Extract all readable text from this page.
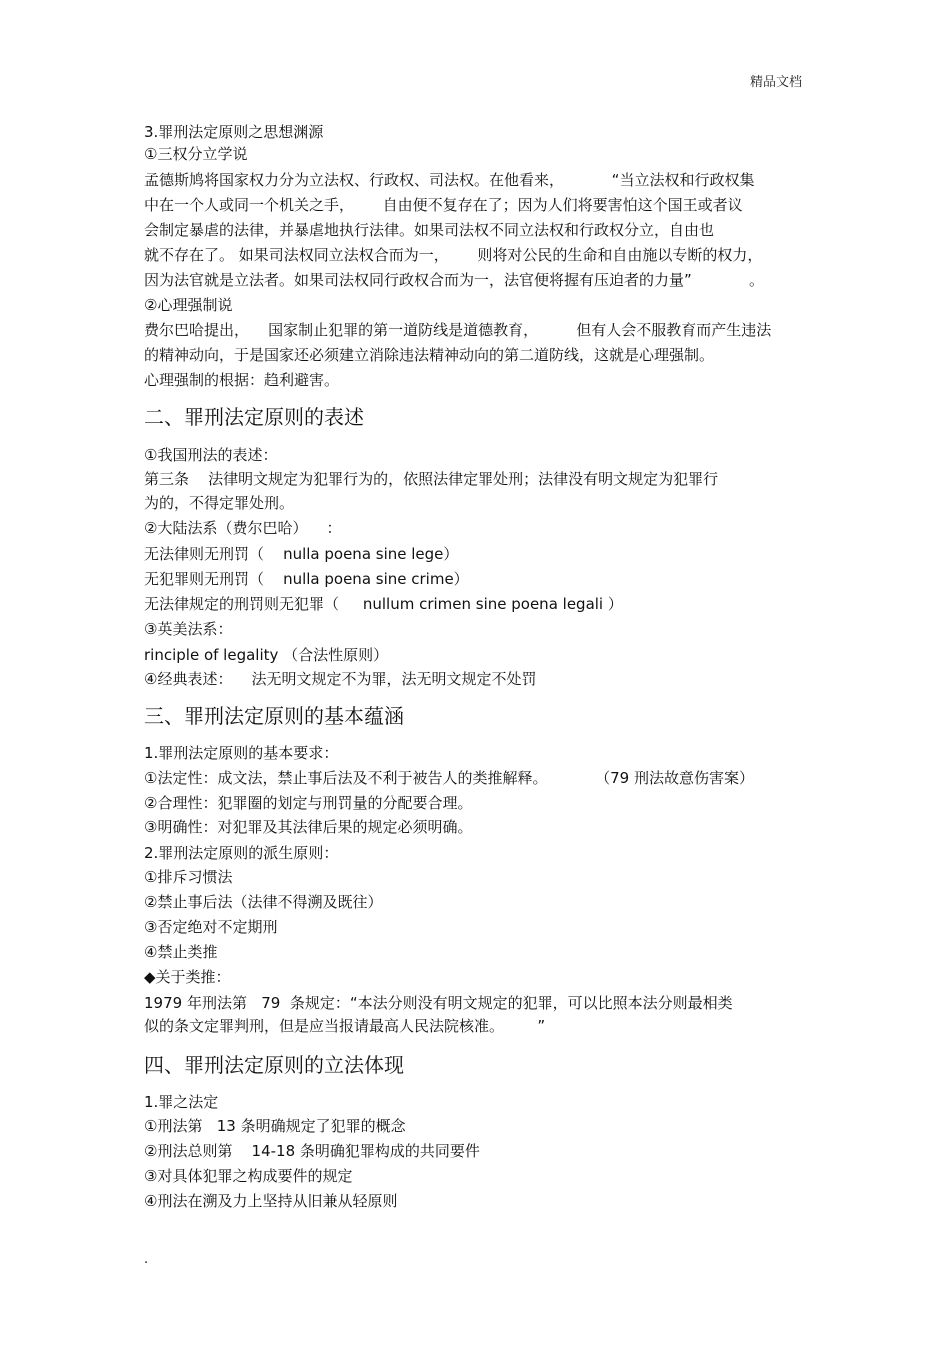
精品文档
3.罪刑法定原则之思想渊源
①三权分立学说
孟德斯鸠将国家权力分为立法权、行政权、司法权。在他看来，          “当立法权和行政权集
中在一个人或同一个机关之手，      自由便不复存在了；因为人们将要害怕这个国王或者议
会制定暴虐的法律，并暴虐地执行法律。如果司法权不同立法权和行政权分立，自由也
就不存在了。 如果司法权同立法权合而为一，      则将对公民的生命和自由施以专断的权力，
因为法官就是立法者。如果司法权同行政权合而为一，法官便将握有压迫者的力量”            。
②心理强制说
费尔巴哈提出，    国家制止犯罪的第一道防线是道德教育，        但有人会不服教育而产生违法
的精神动向，于是国家还必须建立消除违法精神动向的第二道防线，这就是心理强制。
心理强制的根据：趋利避害。
二、罪刑法定原则的表述
①我国刑法的表述：
第三条    法律明文规定为犯罪行为的，依照法律定罪处刑；法律没有明文规定为犯罪行
为的，不得定罪处刑。
②大陆法系（费尔巴哈）    ：
无法律则无刑罚（    nulla poena sine lege）
无犯罪则无刑罚（    nulla poena sine crime）
无法律规定的刑罚则无犯罪（     nullum crimen sine poena legali ）
③英美法系：
rinciple of legality （合法性原则）
④经典表述：    法无明文规定不为罪，法无明文规定不处罚
三、罪刑法定原则的基本蕴涵
1.罪刑法定原则的基本要求：
①法定性：成文法，禁止事后法及不利于被告人的类推解释。          （79 刑法故意伤害案）
②合理性：犯罪圈的划定与刑罚量的分配要合理。
③明确性：对犯罪及其法律后果的规定必须明确。
2.罪刑法定原则的派生原则：
①排斥习惯法
②禁止事后法（法律不得溯及既往）
③否定绝对不定期刑
④禁止类推
◆关于类推：
1979 年刑法第   79  条规定：“本法分则没有明文规定的犯罪，可以比照本法分则最相类
似的条文定罪判刑，但是应当报请最高人民法院核准。       ”
四、罪刑法定原则的立法体现
1.罪之法定
①刑法第   13 条明确规定了犯罪的概念
②刑法总则第    14-18 条明确犯罪构成的共同要件
③对具体犯罪之构成要件的规定
④刑法在溯及力上坚持从旧兼从轻原则
.
